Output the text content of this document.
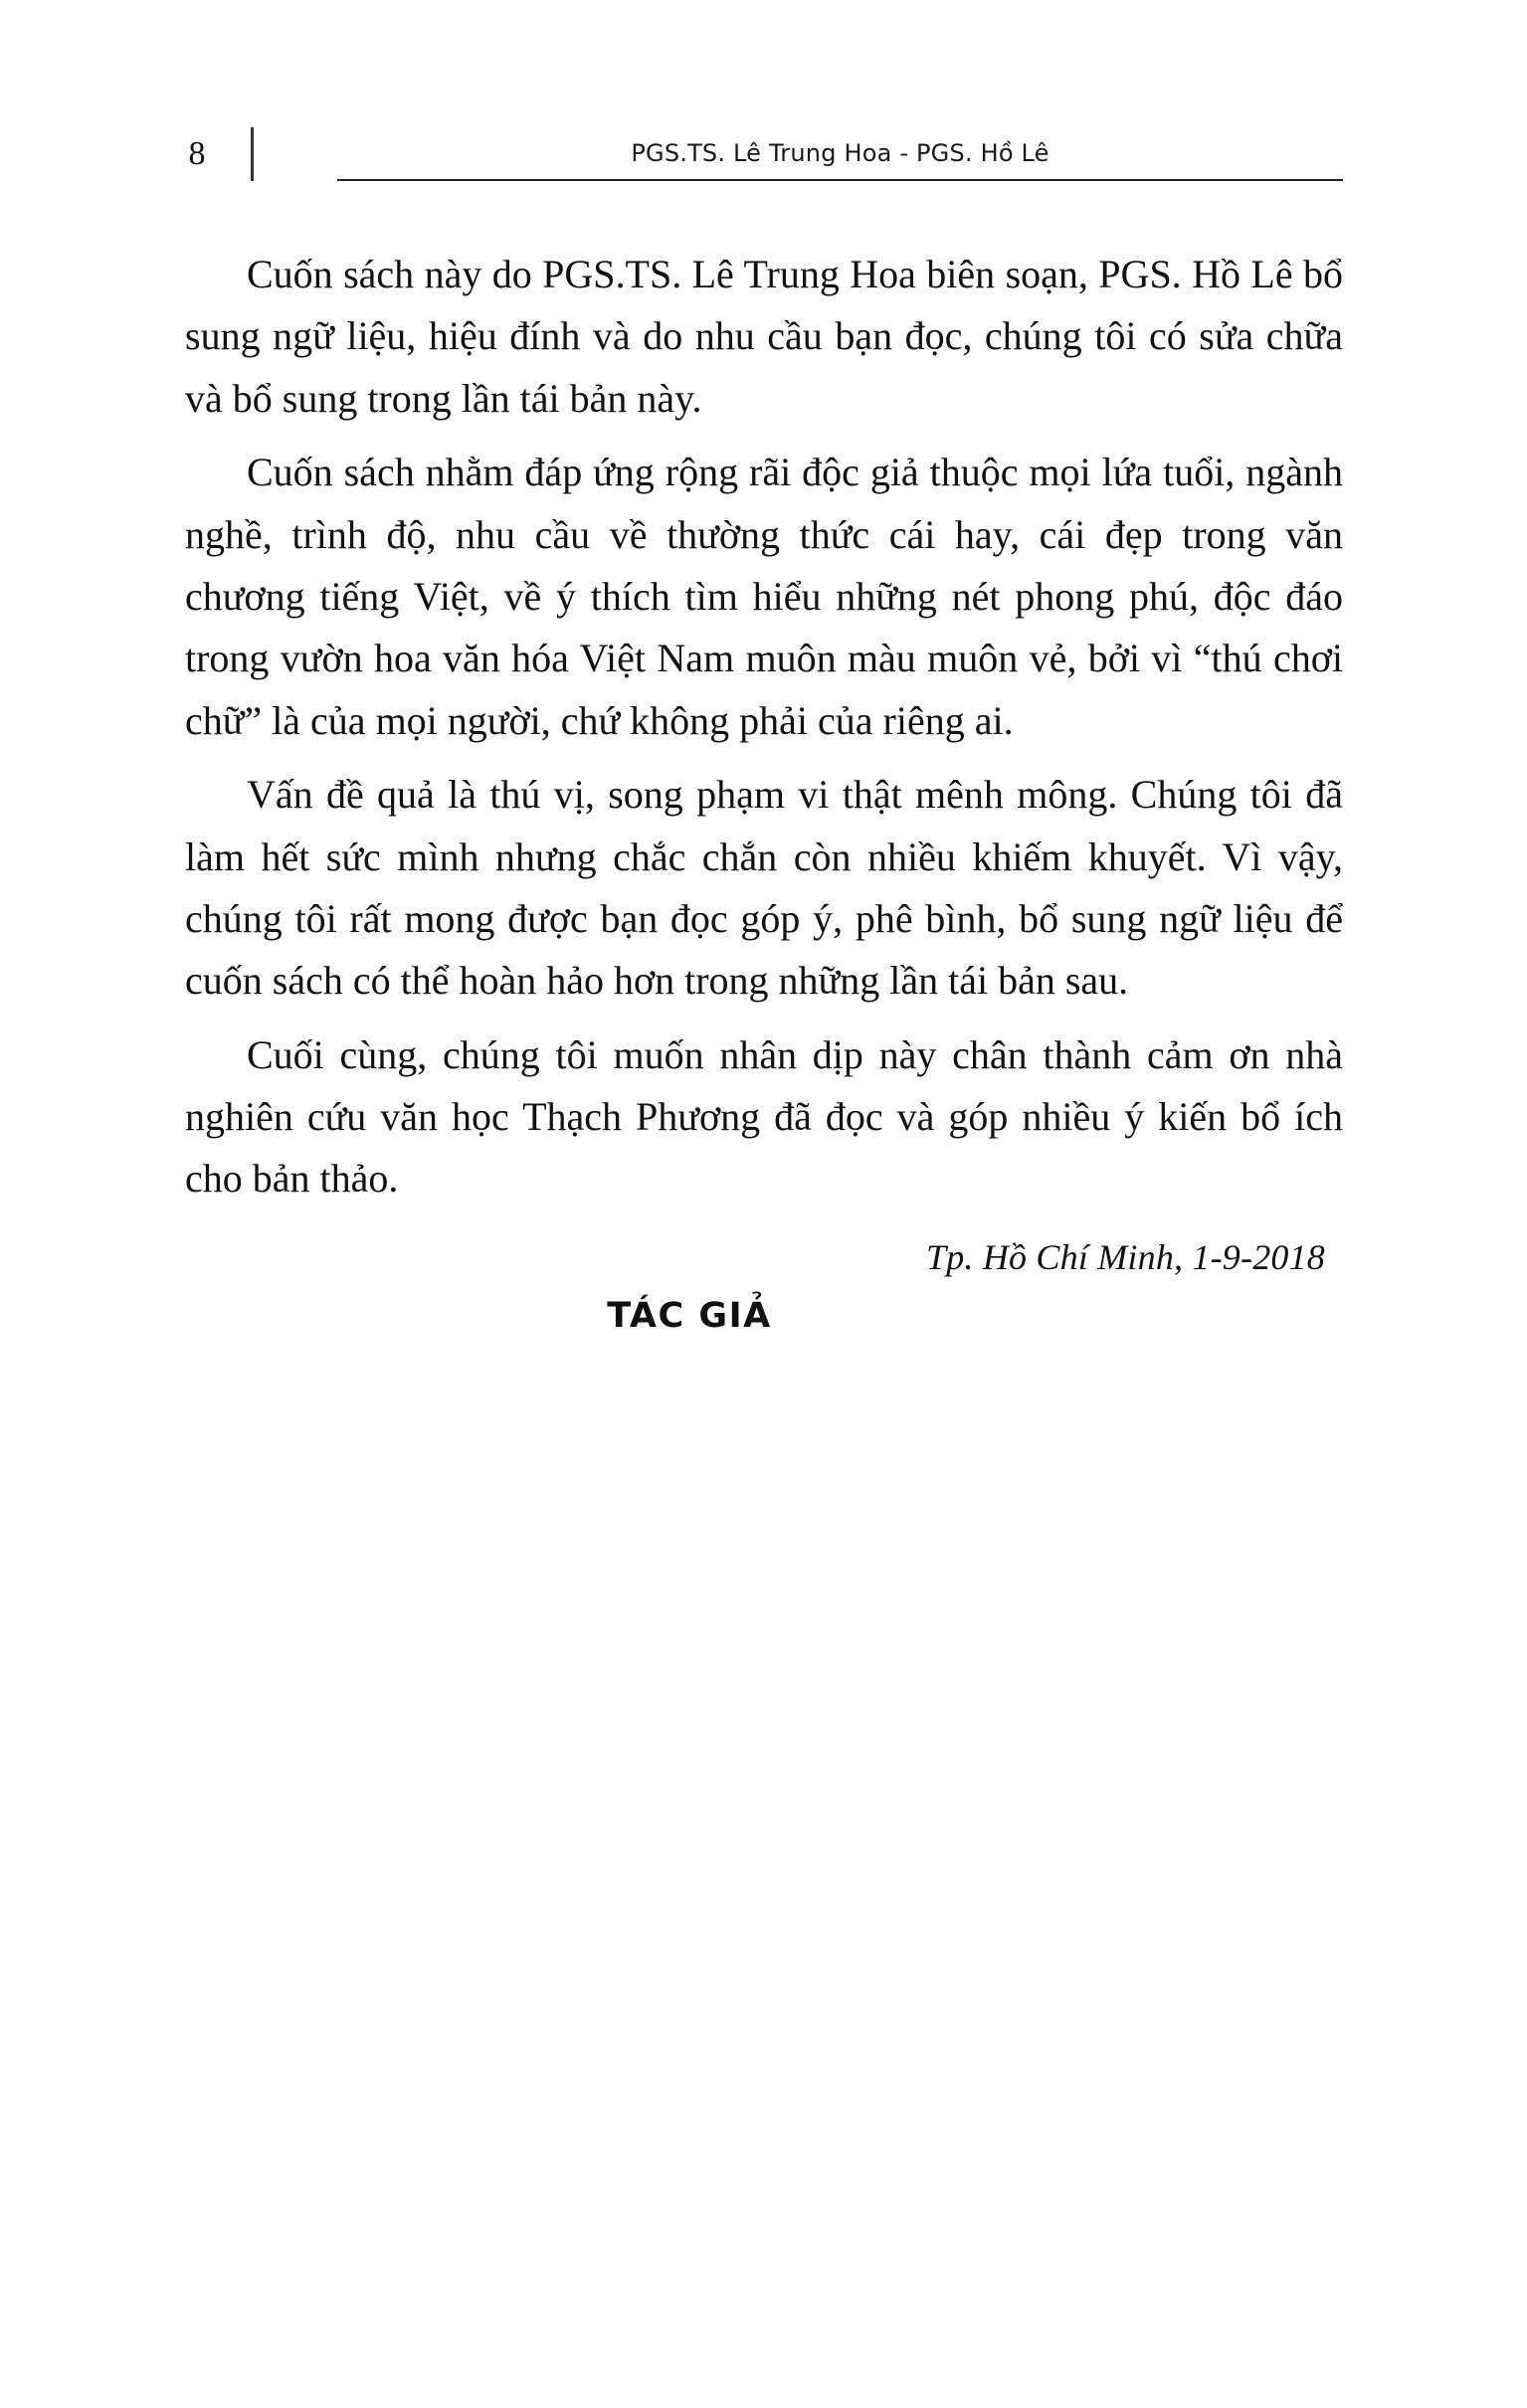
8	PGS.TS. Lê Trung Hoa - PGS. Hồ Lê

Cuốn sách này do PGS.TS. Lê Trung Hoa biên soạn, PGS. Hồ Lê bổ sung ngữ liệu, hiệu đính và do nhu cầu bạn đọc, chúng tôi có sửa chữa và bổ sung trong lần tái bản này.

Cuốn sách nhằm đáp ứng rộng rãi độc giả thuộc mọi lứa tuổi, ngành nghề, trình độ, nhu cầu về thường thức cái hay, cái đẹp trong văn chương tiếng Việt, về ý thích tìm hiểu những nét phong phú, độc đáo trong vườn hoa văn hóa Việt Nam muôn màu muôn vẻ, bởi vì “thú chơi chữ” là của mọi người, chứ không phải của riêng ai.

Vấn đề quả là thú vị, song phạm vi thật mênh mông. Chúng tôi đã làm hết sức mình nhưng chắc chắn còn nhiều khiếm khuyết. Vì vậy, chúng tôi rất mong được bạn đọc góp ý, phê bình, bổ sung ngữ liệu để cuốn sách có thể hoàn hảo hơn trong những lần tái bản sau.

Cuối cùng, chúng tôi muốn nhân dịp này chân thành cảm ơn nhà nghiên cứu văn học Thạch Phương đã đọc và góp nhiều ý kiến bổ ích cho bản thảo.

Tp. Hồ Chí Minh, 1-9-2018

TÁC GIẢ
